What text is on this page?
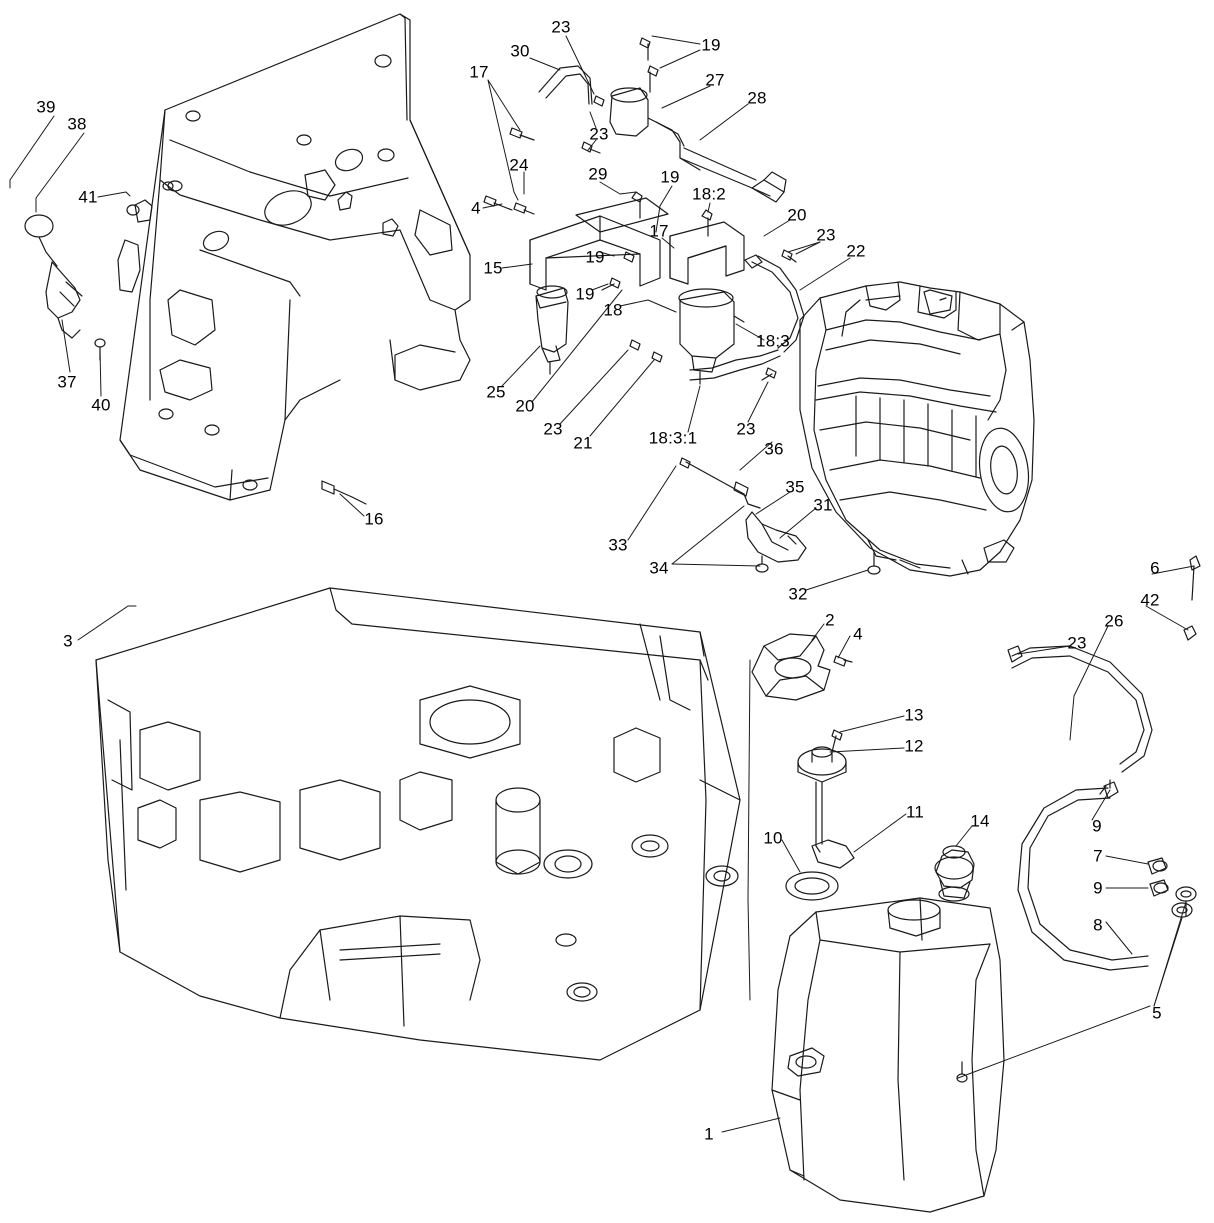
39
38
41
37
40
16
3
17
30
23
19
27
28
23
24	29	19
18:2
20
23
22
4
17
15
19
19
18
18:3
25
20
23
21	18:3:1 23
36
33
34
35
31
32
6
42
26
23
9
7
9
8
5
2
4
13
12
11	14
10
1
